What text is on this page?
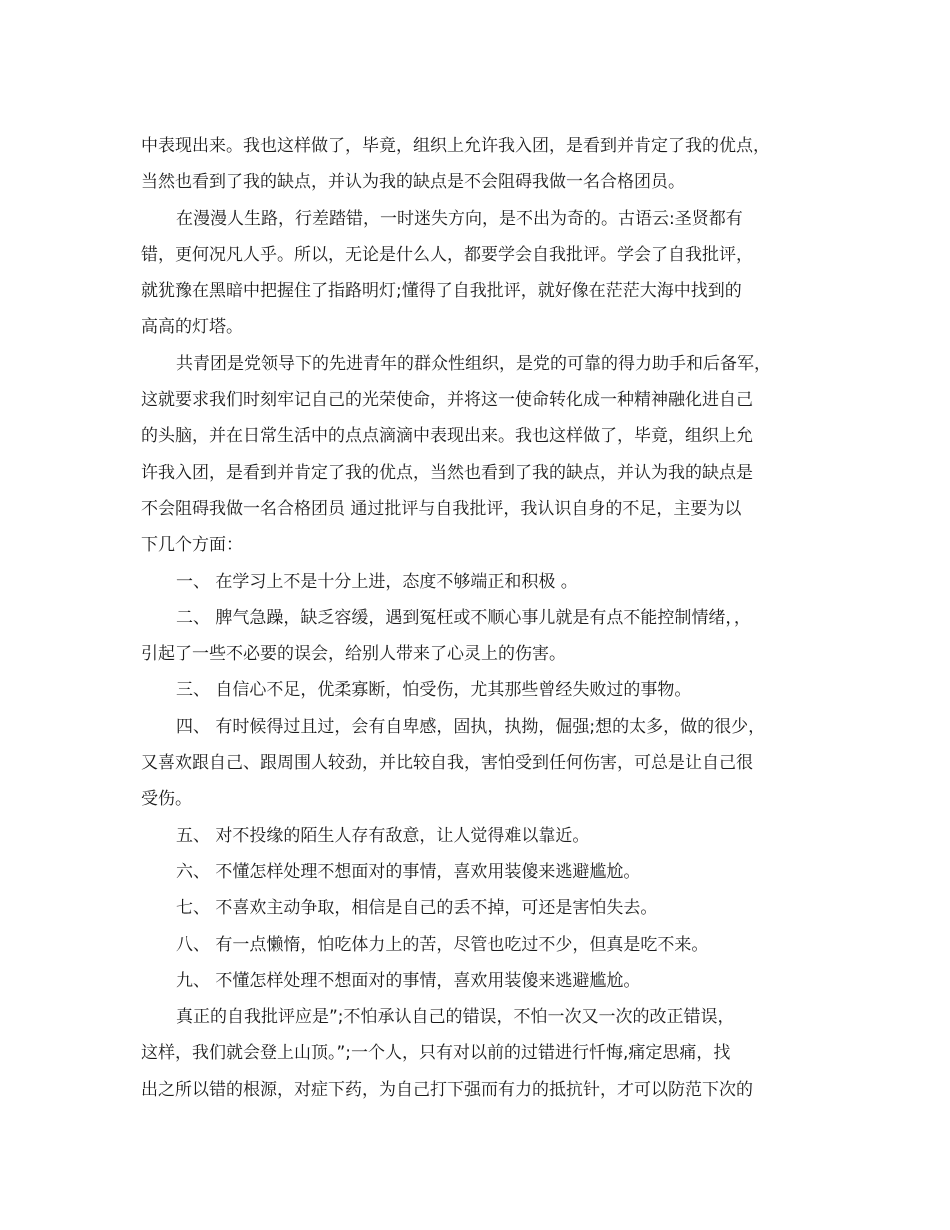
中表现出来。我也这样做了，毕竟，组织上允许我入团，是看到并肯定了我的优点，
当然也看到了我的缺点，并认为我的缺点是不会阻碍我做一名合格团员。
在漫漫人生路，行差踏错，一时迷失方向，是不出为奇的。古语云:圣贤都有
错，更何况凡人乎。所以，无论是什么人，都要学会自我批评。学会了自我批评，
就犹豫在黑暗中把握住了指路明灯;懂得了自我批评，就好像在茫茫大海中找到的
高高的灯塔。
共青团是党领导下的先进青年的群众性组织，是党的可靠的得力助手和后备军，
这就要求我们时刻牢记自己的光荣使命，并将这一使命转化成一种精神融化进自己
的头脑，并在日常生活中的点点滴滴中表现出来。我也这样做了，毕竟，组织上允
许我入团，是看到并肯定了我的优点，当然也看到了我的缺点，并认为我的缺点是
不会阻碍我做一名合格团员 通过批评与自我批评，我认识自身的不足，主要为以
下几个方面：
一、 在学习上不是十分上进，态度不够端正和积极 。
二、 脾气急躁，缺乏容缓，遇到冤枉或不顺心事儿就是有点不能控制情绪，，
引起了一些不必要的误会，给别人带来了心灵上的伤害。
三、 自信心不足，优柔寡断，怕受伤，尤其那些曾经失败过的事物。
四、 有时候得过且过，会有自卑感，固执，执拗，倔强;想的太多，做的很少，
又喜欢跟自己、跟周围人较劲，并比较自我，害怕受到任何伤害，可总是让自己很
受伤。
五、 对不投缘的陌生人存有敌意，让人觉得难以靠近。
六、 不懂怎样处理不想面对的事情，喜欢用装傻来逃避尴尬。
七、 不喜欢主动争取，相信是自己的丢不掉，可还是害怕失去。
八、 有一点懒惰，怕吃体力上的苦，尽管也吃过不少，但真是吃不来。
九、 不懂怎样处理不想面对的事情，喜欢用装傻来逃避尴尬。
真正的自我批评应是”;不怕承认自己的错误，不怕一次又一次的改正错误，
这样，我们就会登上山顶。”;一个人，只有对以前的过错进行忏悔,痛定思痛，找
出之所以错的根源，对症下药，为自己打下强而有力的抵抗针，才可以防范下次的
